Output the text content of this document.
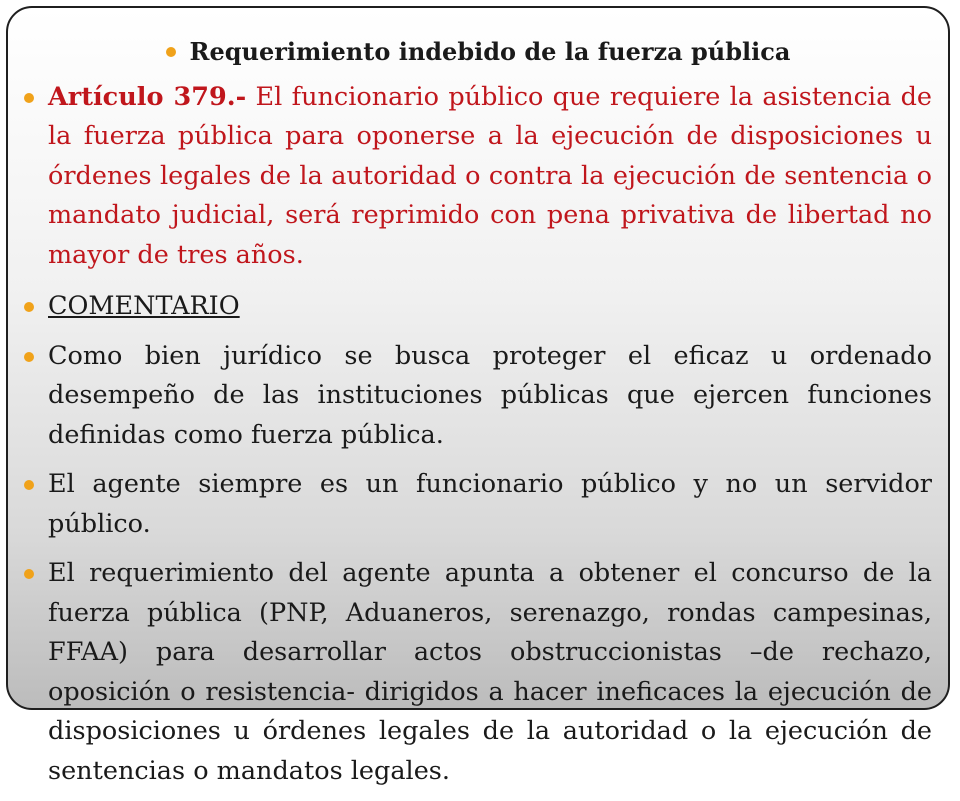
Requerimiento indebido de la fuerza pública
Artículo 379.- El funcionario público que requiere la asistencia de la fuerza pública para oponerse a la ejecución de disposiciones u órdenes legales de la autoridad o contra la ejecución de sentencia o mandato judicial, será reprimido con pena privativa de libertad no mayor de tres años.
COMENTARIO
Como bien jurídico se busca proteger el eficaz u ordenado desempeño de las instituciones públicas que ejercen funciones definidas como fuerza pública.
El agente siempre es un funcionario público y no un servidor público.
El requerimiento del agente apunta a obtener el concurso de la fuerza pública (PNP, Aduaneros, serenazgo, rondas campesinas, FFAA) para desarrollar actos obstruccionistas –de rechazo, oposición o resistencia- dirigidos a hacer ineficaces la ejecución de disposiciones u órdenes legales de la autoridad o la ejecución de sentencias o mandatos legales.
